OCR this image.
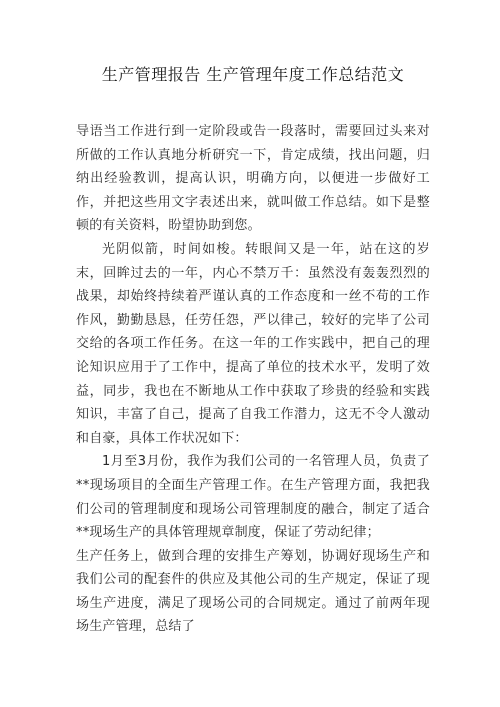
生产管理报告 生产管理年度工作总结范文

导语当工作进行到一定阶段或告一段落时，需要回过头来对所做的工作认真地分析研究一下，肯定成绩，找出问题，归纳出经验教训，提高认识，明确方向，以便进一步做好工作，并把这些用文字表述出来，就叫做工作总结。如下是整顿的有关资料，盼望协助到您。

光阴似箭，时间如梭。转眼间又是一年，站在这的岁末，回眸过去的一年，内心不禁万千：虽然没有轰轰烈烈的战果，却始终持续着严谨认真的工作态度和一丝不苟的工作作风，勤勤恳恳，任劳任怨，严以律己，较好的完毕了公司交给的各项工作任务。在这一年的工作实践中，把自己的理论知识应用于了工作中，提高了单位的技术水平，发明了效益，同步，我也在不断地从工作中获取了珍贵的经验和实践知识，丰富了自己，提高了自我工作潜力，这无不令人激动和自豪，具体工作状况如下：

1月至3月份，我作为我们公司的一名管理人员，负责了**现场项目的全面生产管理工作。在生产管理方面，我把我们公司的管理制度和现场公司管理制度的融合，制定了适合**现场生产的具体管理规章制度，保证了劳动纪律；

生产任务上，做到合理的安排生产筹划，协调好现场生产和我们公司的配套件的供应及其他公司的生产规定，保证了现场生产进度，满足了现场公司的合同规定。通过了前两年现场生产管理，总结了
